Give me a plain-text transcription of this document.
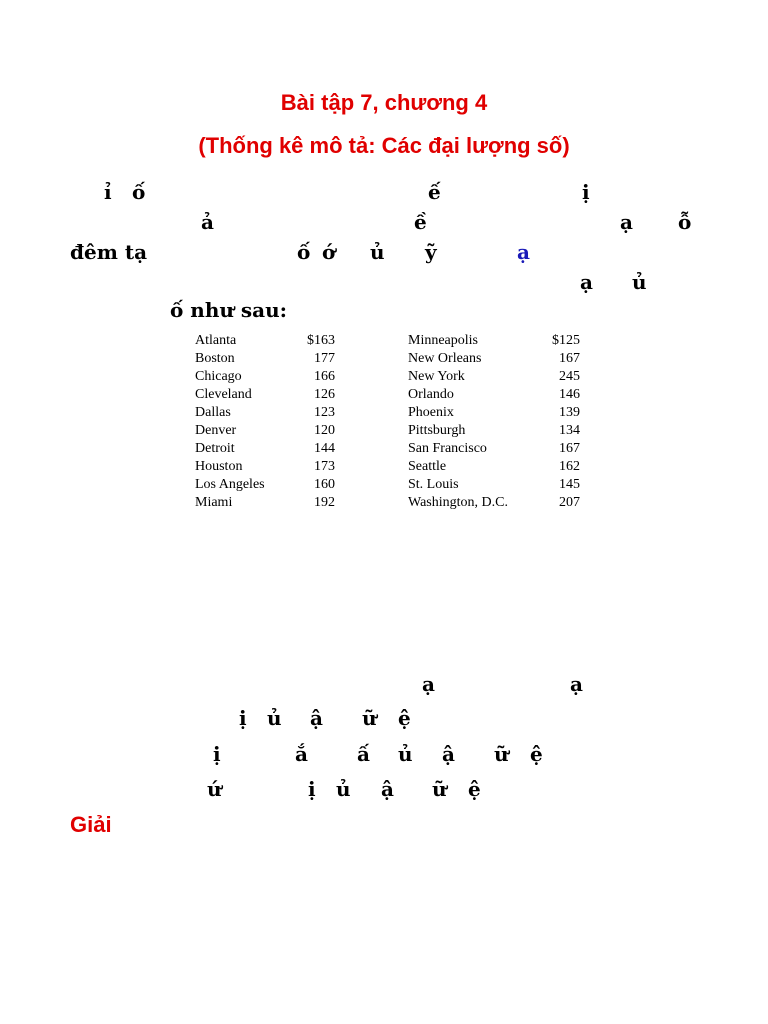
Bài tập 7, chương 4
(Thống kê mô tả: Các đại lượng số)
ỉ ố	ế	ị
ả	ề	ạ ỗ
đêm tạ	ố ớ ủ ỹ	ạ
ạ ủ
ố như sau:
Atlanta	$163		Minneapolis	$125
Boston	177		New Orleans	167
Chicago	166		New York	245
Cleveland	126		Orlando	146
Dallas	123		Phoenix	139
Denver	120		Pittsburgh	134
Detroit	144		San Francisco	167
Houston	173		Seattle	162
Los Angeles	160		St. Louis	145
Miami	192		Washington, D.C.	207
ạ	ạ
ị ủ ậ ữ ệ
ị	ắ ấ ủ ậ ữ ệ
ứ	ị ủ ậ ữ ệ
Giải
